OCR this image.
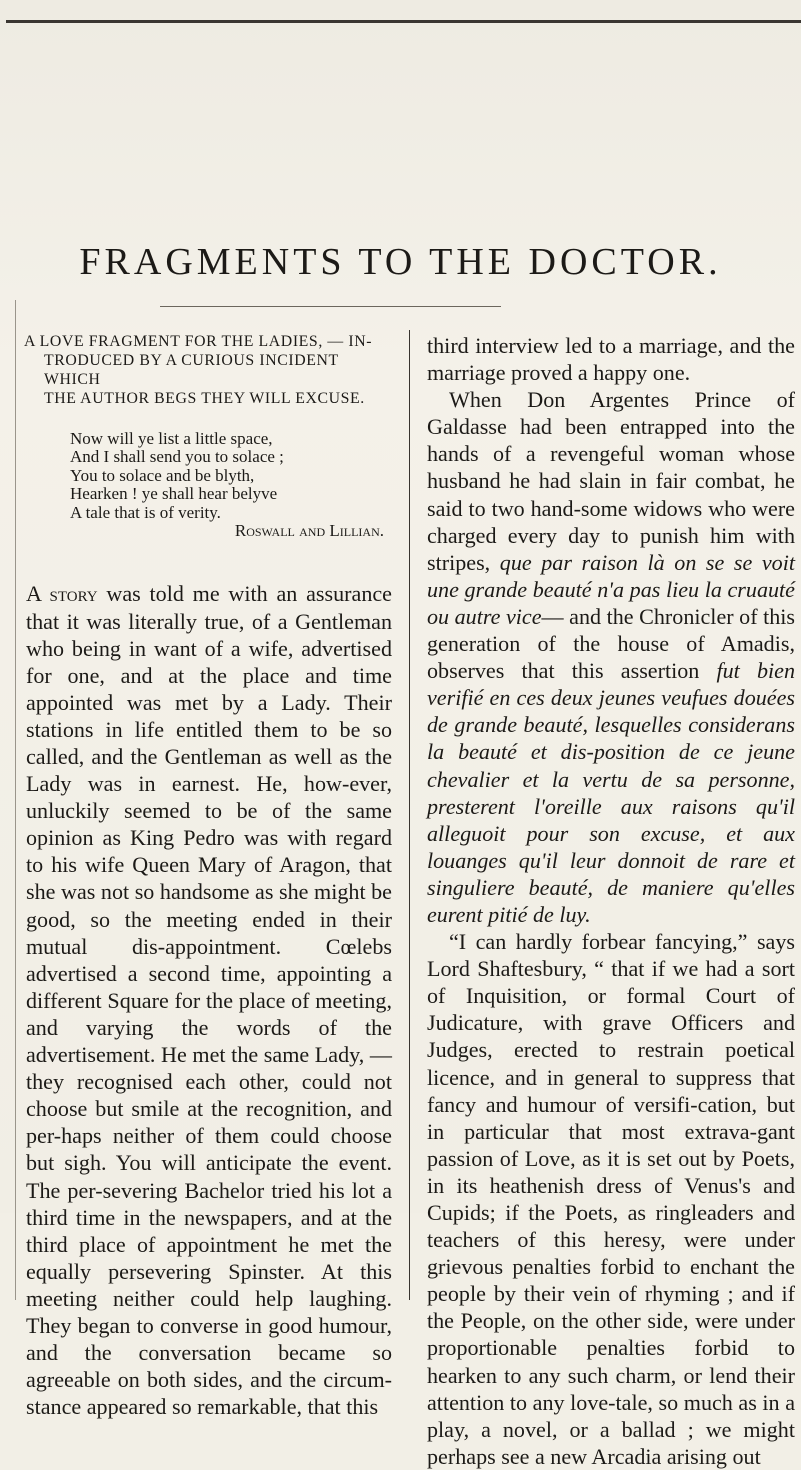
FRAGMENTS TO THE DOCTOR.

A LOVE FRAGMENT FOR THE LADIES, — IN-
TRODUCED BY A CURIOUS INCIDENT WHICH
THE AUTHOR BEGS THEY WILL EXCUSE.

Now will ye list a little space,
And I shall send you to solace ;
You to solace and be blyth,
Hearken ! ye shall hear belyve
A tale that is of verity.
Roswall and Lillian.

A story was told me with an assurance that it was literally true, of a Gentleman who being in want of a wife, advertised for one, and at the place and time appointed was met by a Lady. Their stations in life entitled them to be so called, and the Gentleman as well as the Lady was in earnest. He, how-ever, unluckily seemed to be of the same opinion as King Pedro was with regard to his wife Queen Mary of Aragon, that she was not so handsome as she might be good, so the meeting ended in their mutual dis-appointment. Cœlebs advertised a second time, appointing a different Square for the place of meeting, and varying the words of the advertisement. He met the same Lady, —they recognised each other, could not choose but smile at the recognition, and per-haps neither of them could choose but sigh. You will anticipate the event. The per-severing Bachelor tried his lot a third time in the newspapers, and at the third place of appointment he met the equally persevering Spinster. At this meeting neither could help laughing. They began to converse in good humour, and the conversation became so agreeable on both sides, and the circum-stance appeared so remarkable, that this

third interview led to a marriage, and the marriage proved a happy one.
When Don Argentes Prince of Galdasse had been entrapped into the hands of a revengeful woman whose husband he had slain in fair combat, he said to two hand-some widows who were charged every day to punish him with stripes, que par raison là on se se voit une grande beauté n'a pas lieu la cruauté ou autre vice— and the Chronicler of this generation of the house of Amadis, observes that this assertion fut bien verifié en ces deux jeunes veufues douées de grande beauté, lesquelles considerans la beauté et dis-position de ce jeune chevalier et la vertu de sa personne, presterent l'oreille aux raisons qu'il alleguoit pour son excuse, et aux louanges qu'il leur donnoit de rare et singuliere beauté, de maniere qu'elles eurent pitié de luy.
“I can hardly forbear fancying,” says Lord Shaftesbury, “ that if we had a sort of Inquisition, or formal Court of Judicature, with grave Officers and Judges, erected to restrain poetical licence, and in general to suppress that fancy and humour of versifi-cation, but in particular that most extrava-gant passion of Love, as it is set out by Poets, in its heathenish dress of Venus's and Cupids; if the Poets, as ringleaders and teachers of this heresy, were under grievous penalties forbid to enchant the people by their vein of rhyming ; and if the People, on the other side, were under proportionable penalties forbid to hearken to any such charm, or lend their attention to any love-tale, so much as in a play, a novel, or a ballad ; we might perhaps see a new Arcadia arising out
